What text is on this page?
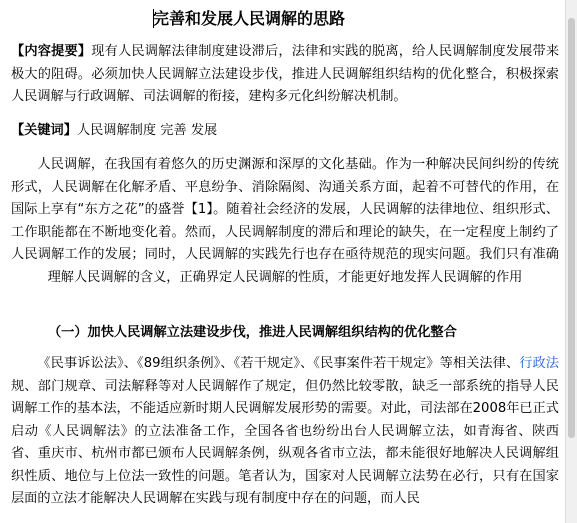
完善和发展人民调解的思路

【内容提要】现有人民调解法律制度建设滞后，法律和实践的脱离，给人民调解制度发展带来极大的阻碍。必须加快人民调解立法建设步伐，推进人民调解组织结构的优化整合，积极探索人民调解与行政调解、司法调解的衔接，建构多元化纠纷解决机制。

【关键词】人民调解制度 完善 发展

人民调解，在我国有着悠久的历史渊源和深厚的文化基础。作为一种解决民间纠纷的传统形式，人民调解在化解矛盾、平息纷争、消除隔阂、沟通关系方面，起着不可替代的作用，在国际上享有“东方之花”的盛誉【1】。随着社会经济的发展，人民调解的法律地位、组织形式、工作职能都在不断地变化着。然而，人民调解制度的滞后和理论的缺失，在一定程度上制约了人民调解工作的发展；同时，人民调解的实践先行也存在亟待规范的现实问题。我们只有准确理解人民调解的含义，正确界定人民调解的性质，才能更好地发挥人民调解的作用

（一）加快人民调解立法建设步伐，推进人民调解组织结构的优化整合

《民事诉讼法》、《89组织条例》、《若干规定》、《民事案件若干规定》等相关法律、行政法规、部门规章、司法解释等对人民调解作了规定，但仍然比较零散，缺乏一部系统的指导人民调解工作的基本法，不能适应新时期人民调解发展形势的需要。对此，司法部在2008年已正式启动《人民调解法》的立法准备工作，全国各省也纷纷出台人民调解立法，如青海省、陕西省、重庆市、杭州市都已颁布人民调解条例，纵观各省市立法，都未能很好地解决人民调解组织性质、地位与上位法一致性的问题。笔者认为，国家对人民调解立法势在必行，只有在国家层面的立法才能解决人民调解在实践与现有制度中存在的问题，而人民
